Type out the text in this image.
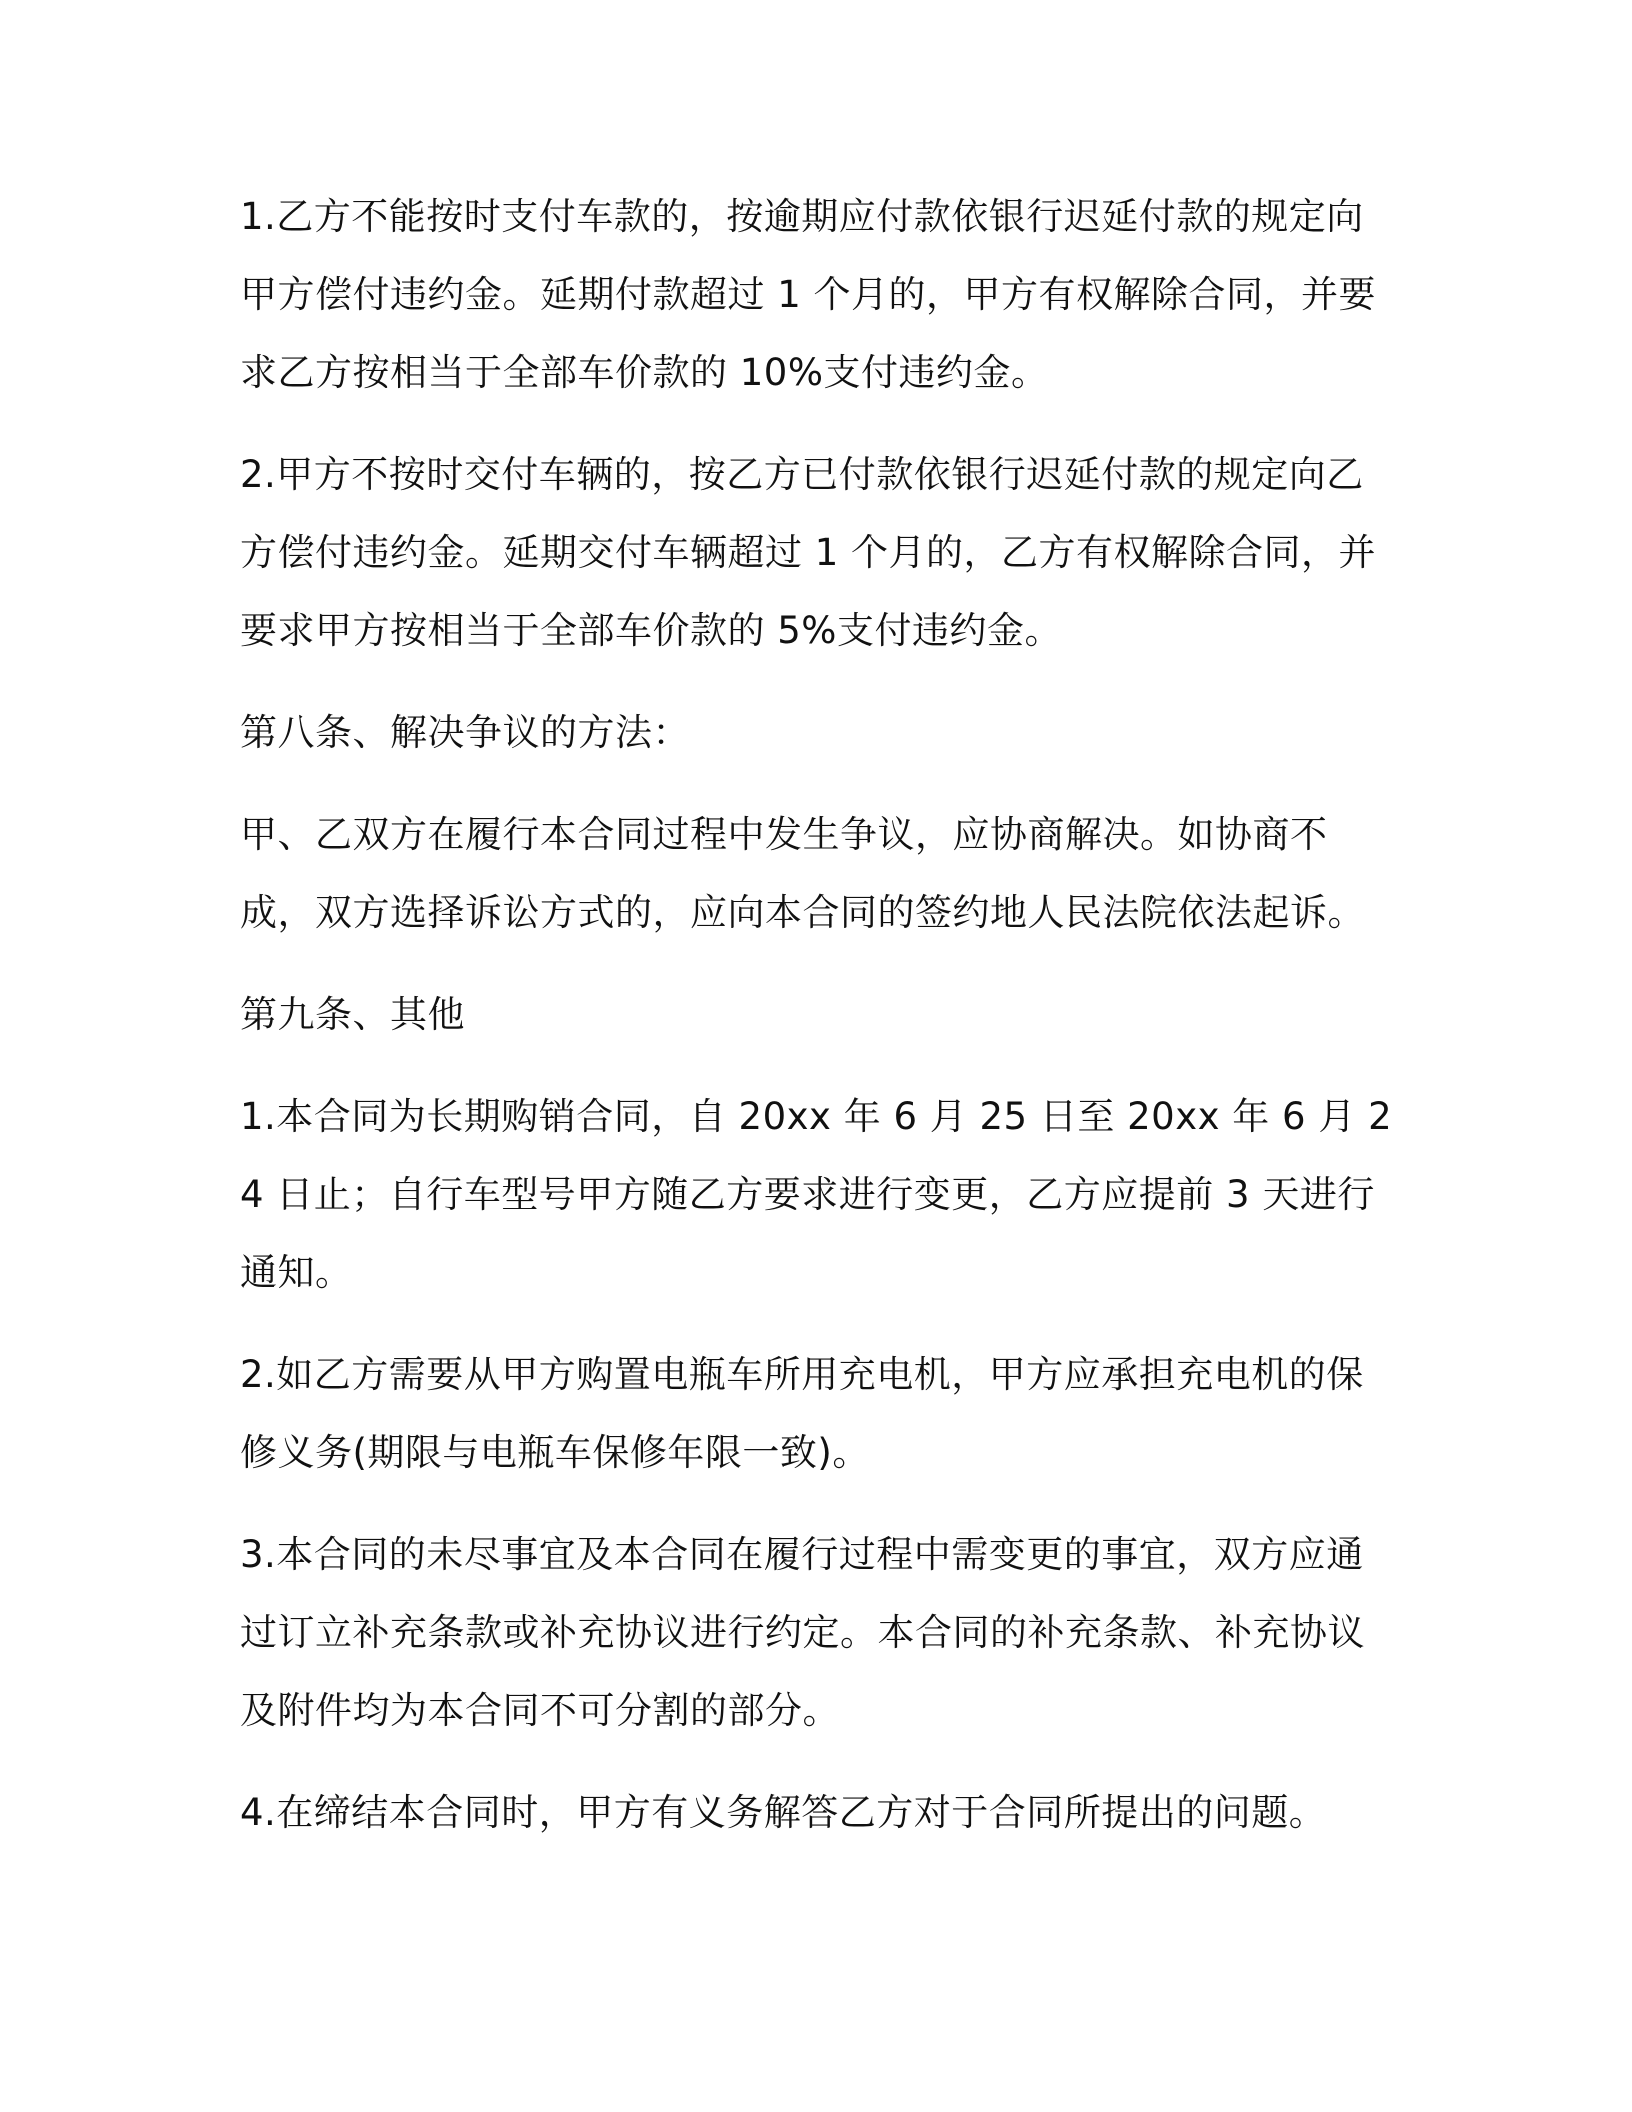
1.乙方不能按时支付车款的，按逾期应付款依银行迟延付款的规定向甲方偿付违约金。延期付款超过 1 个月的，甲方有权解除合同，并要求乙方按相当于全部车价款的 10%支付违约金。

2.甲方不按时交付车辆的，按乙方已付款依银行迟延付款的规定向乙方偿付违约金。延期交付车辆超过 1 个月的，乙方有权解除合同，并要求甲方按相当于全部车价款的 5%支付违约金。

第八条、解决争议的方法：

甲、乙双方在履行本合同过程中发生争议，应协商解决。如协商不成，双方选择诉讼方式的，应向本合同的签约地人民法院依法起诉。

第九条、其他

1.本合同为长期购销合同，自 20xx 年 6 月 25 日至 20xx 年 6 月 24 日止；自行车型号甲方随乙方要求进行变更，乙方应提前 3 天进行通知。

2.如乙方需要从甲方购置电瓶车所用充电机，甲方应承担充电机的保修义务(期限与电瓶车保修年限一致)。

3.本合同的未尽事宜及本合同在履行过程中需变更的事宜，双方应通过订立补充条款或补充协议进行约定。本合同的补充条款、补充协议及附件均为本合同不可分割的部分。

4.在缔结本合同时，甲方有义务解答乙方对于合同所提出的问题。
